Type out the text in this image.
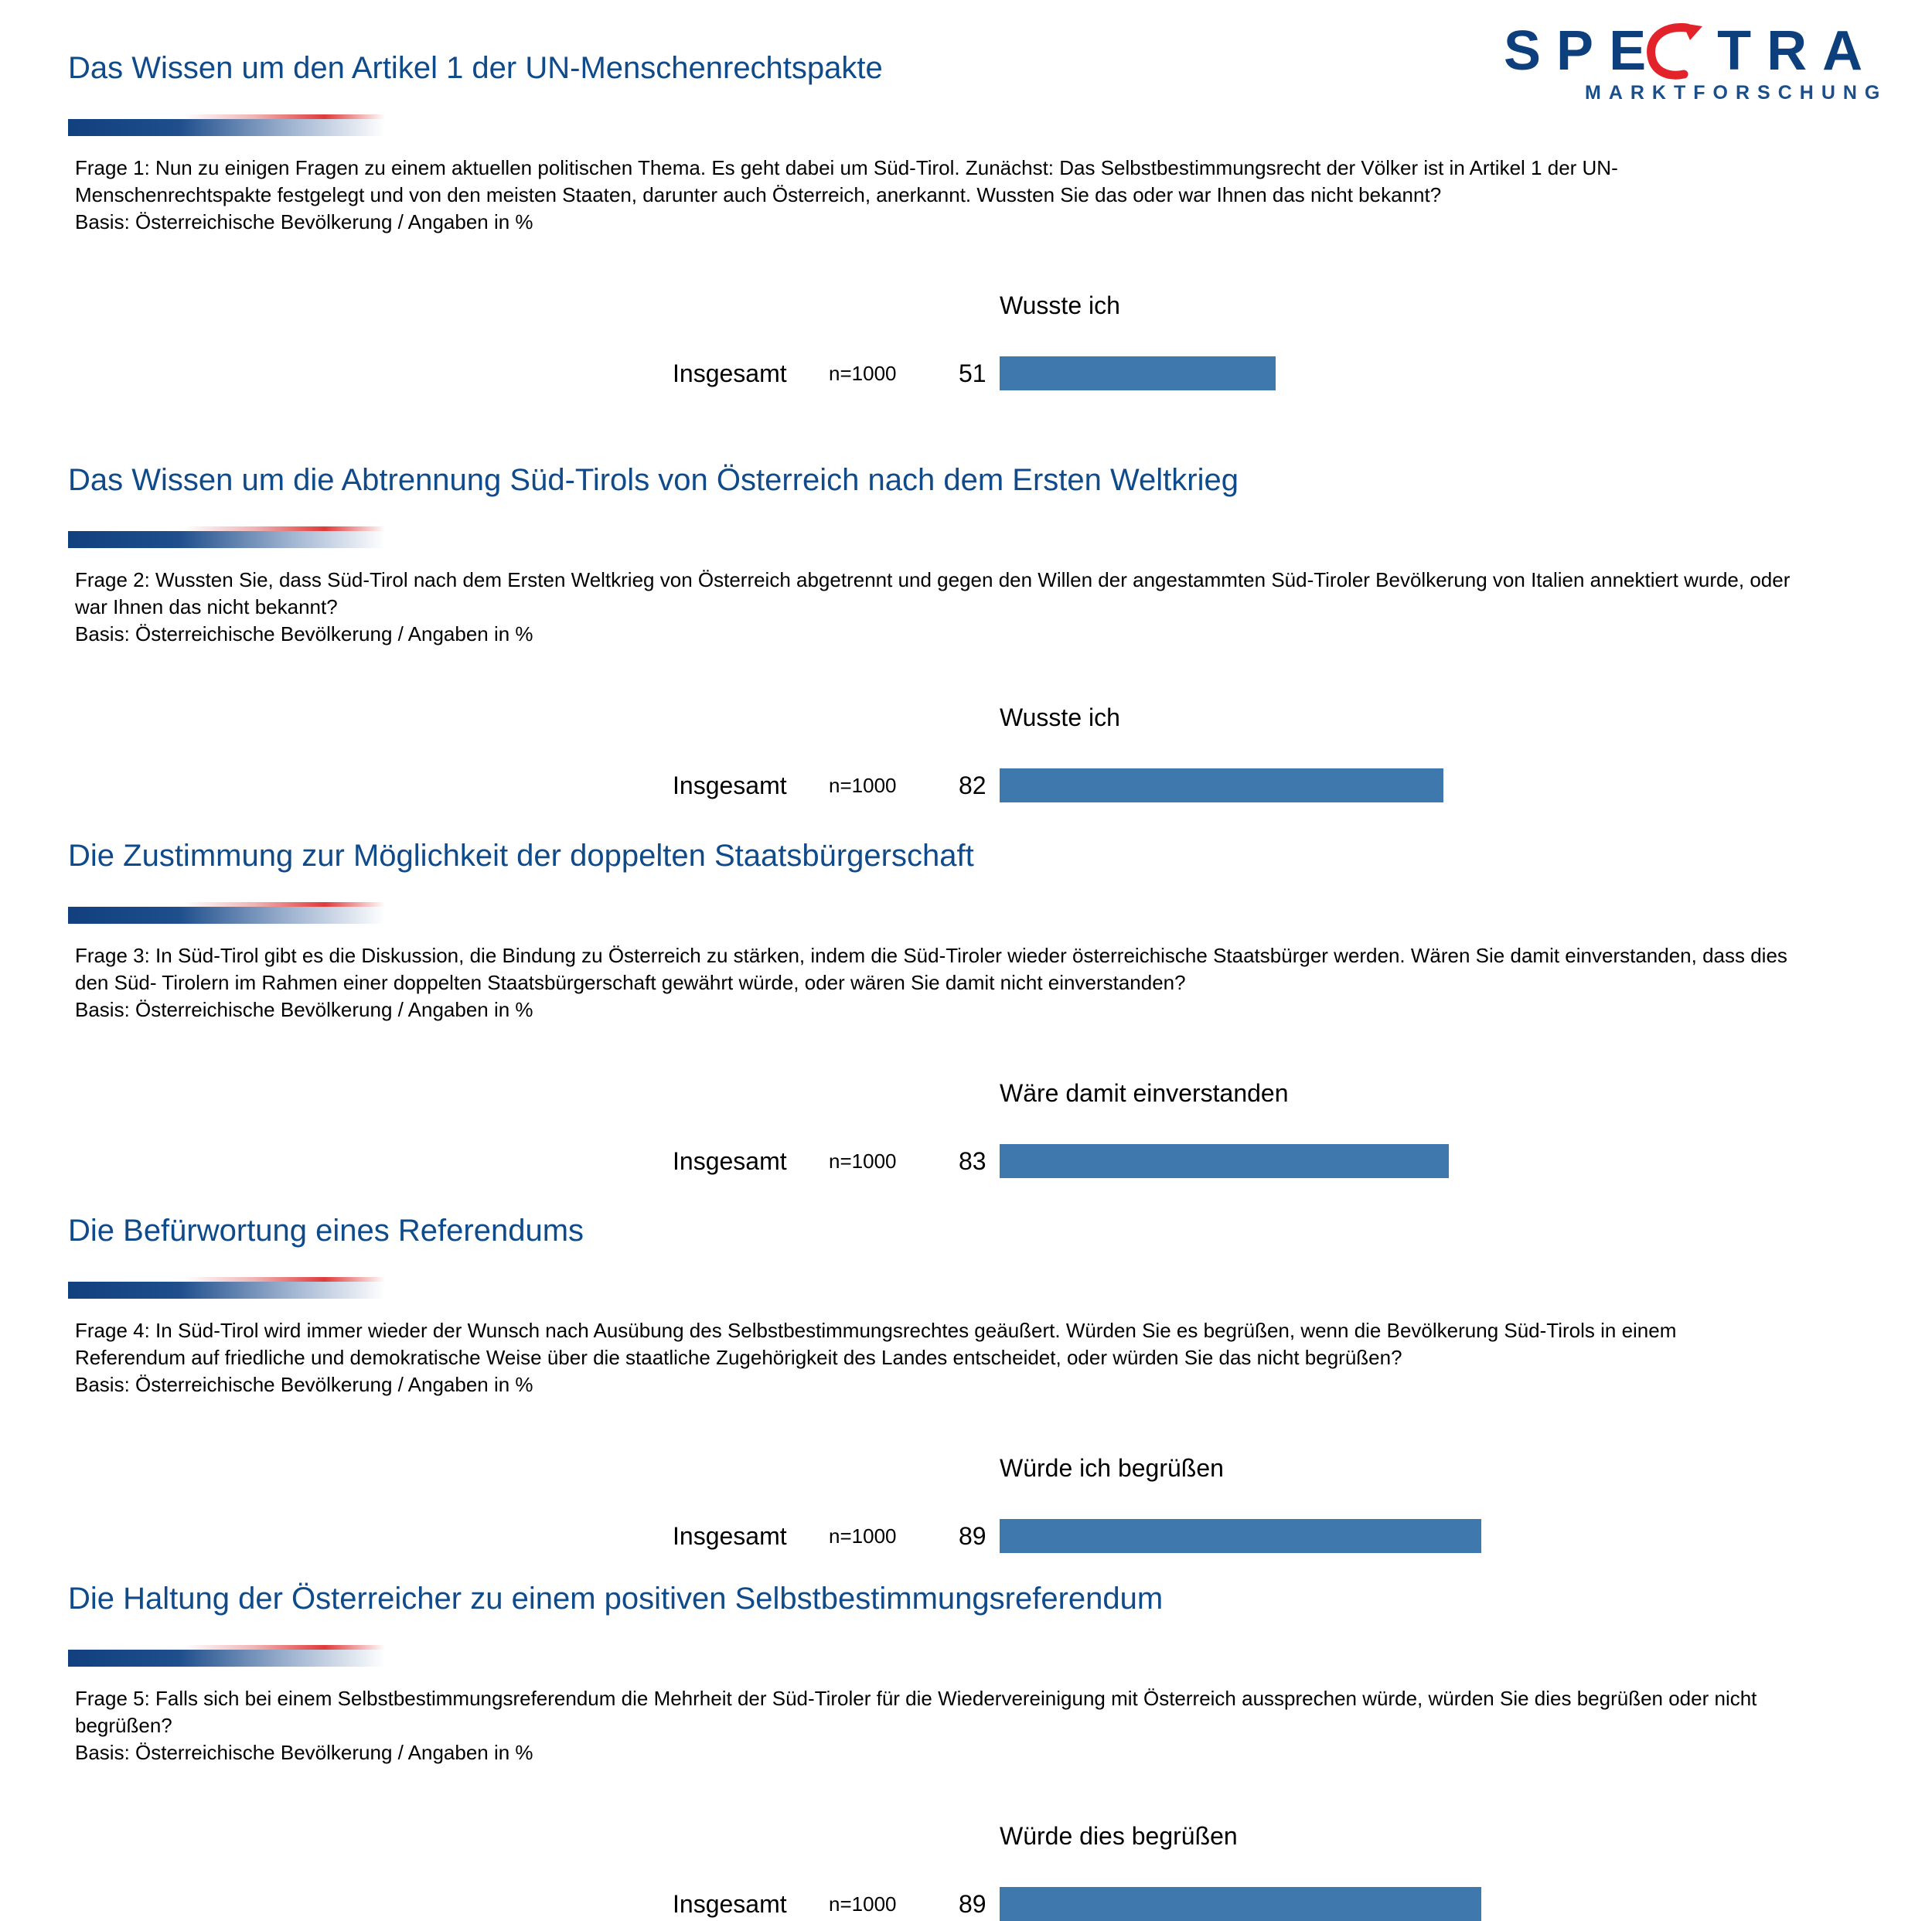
SPE TRA
MARKTFORSCHUNG
Das Wissen um den Artikel 1 der UN-Menschenrechtspakte
Frage 1: Nun zu einigen Fragen zu einem aktuellen politischen Thema. Es geht dabei um Süd-Tirol. Zunächst: Das Selbstbestimmungsrecht der Völker ist in Artikel 1 der UN-Menschenrechtspakte festgelegt und von den meisten Staaten, darunter auch Österreich, anerkannt. Wussten Sie das oder war Ihnen das nicht bekannt?
Basis: Österreichische Bevölkerung / Angaben in %
Wusste ich
Insgesamt n=1000	51
Das Wissen um die Abtrennung Süd-Tirols von Österreich nach dem Ersten Weltkrieg
Frage 2: Wussten Sie, dass Süd-Tirol nach dem Ersten Weltkrieg von Österreich abgetrennt und gegen den Willen der angestammten Süd-Tiroler Bevölkerung von Italien annektiert wurde, oder war Ihnen das nicht bekannt?
Basis: Österreichische Bevölkerung / Angaben in %
Wusste ich
Insgesamt n=1000	82
Die Zustimmung zur Möglichkeit der doppelten Staatsbürgerschaft
Frage 3: In Süd-Tirol gibt es die Diskussion, die Bindung zu Österreich zu stärken, indem die Süd-Tiroler wieder österreichische Staatsbürger werden. Wären Sie damit einverstanden, dass dies den Süd- Tirolern im Rahmen einer doppelten Staatsbürgerschaft gewährt würde, oder wären Sie damit nicht einverstanden?
Basis: Österreichische Bevölkerung / Angaben in %
Wäre damit einverstanden
Insgesamt n=1000	83
Die Befürwortung eines Referendums
Frage 4: In Süd-Tirol wird immer wieder der Wunsch nach Ausübung des Selbstbestimmungsrechtes geäußert. Würden Sie es begrüßen, wenn die Bevölkerung Süd-Tirols in einem Referendum auf friedliche und demokratische Weise über die staatliche Zugehörigkeit des Landes entscheidet, oder würden Sie das nicht begrüßen?
Basis: Österreichische Bevölkerung / Angaben in %
Würde ich begrüßen
Insgesamt n=1000	89
Die Haltung der Österreicher zu einem positiven Selbstbestimmungsreferendum
Frage 5: Falls sich bei einem Selbstbestimmungsreferendum die Mehrheit der Süd-Tiroler für die Wiedervereinigung mit Österreich aussprechen würde, würden Sie dies begrüßen oder nicht begrüßen?
Basis: Österreichische Bevölkerung / Angaben in %
Würde dies begrüßen
Insgesamt n=1000	89
